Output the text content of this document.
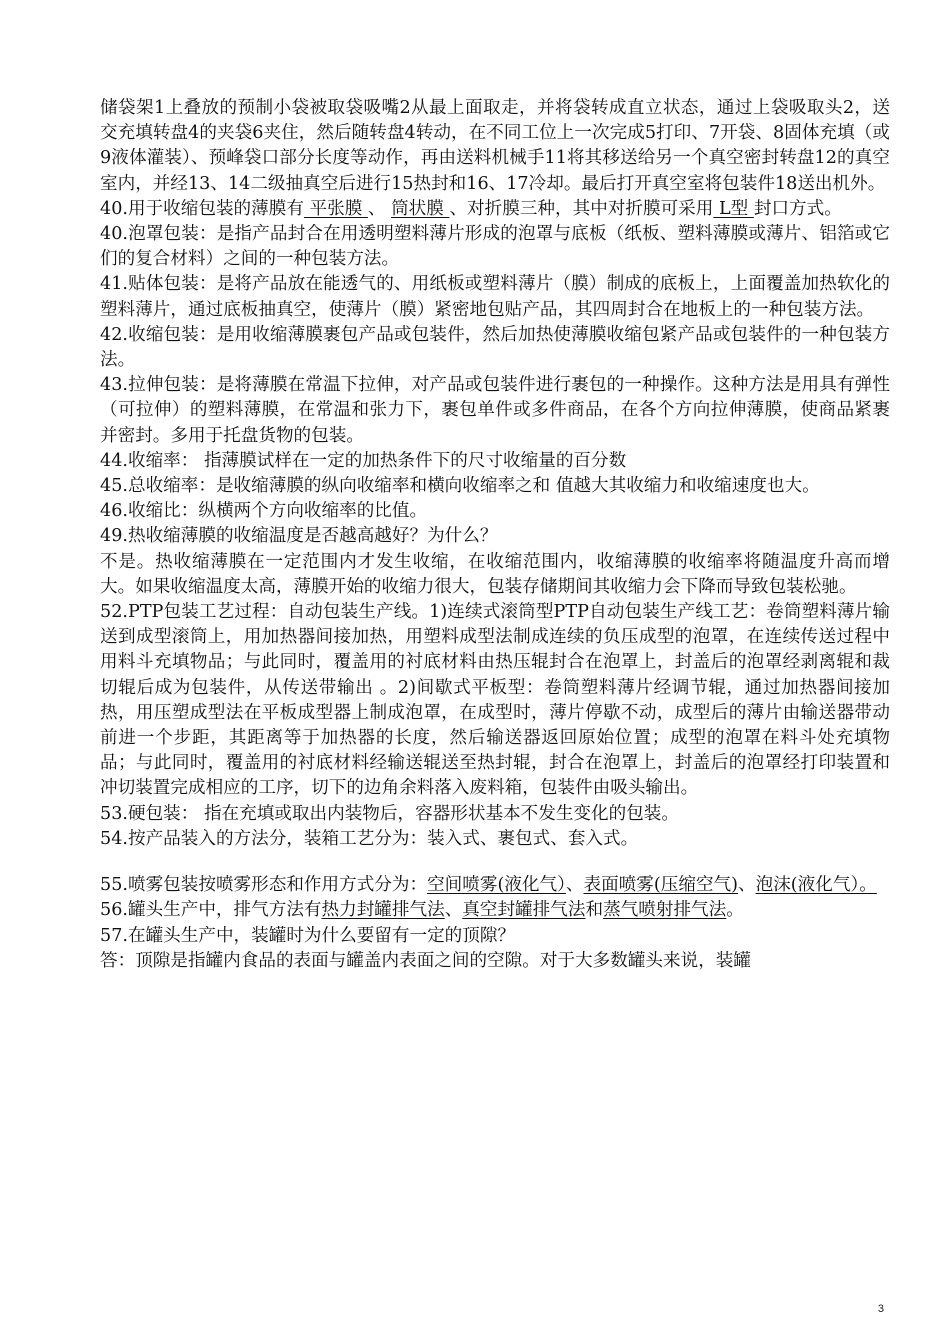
储袋架1上叠放的预制小袋被取袋吸嘴2从最上面取走，并将袋转成直立状态，通过上袋吸取头2，送交充填转盘4的夹袋6夹住，然后随转盘4转动，在不同工位上一次完成5打印、7开袋、8固体充填（或9液体灌装）、预峰袋口部分长度等动作，再由送料机械手11将其移送给另一个真空密封转盘12的真空室内，并经13、14二级抽真空后进行15热封和16、17冷却。最后打开真空室将包装件18送出机外。

40.用于收缩包装的薄膜有 平张膜 、 筒状膜 、对折膜三种，其中对折膜可采用 L型 封口方式。

40.泡罩包装：是指产品封合在用透明塑料薄片形成的泡罩与底板（纸板、塑料薄膜或薄片、铝箔或它们的复合材料）之间的一种包装方法。

41.贴体包装：是将产品放在能透气的、用纸板或塑料薄片（膜）制成的底板上，上面覆盖加热软化的塑料薄片，通过底板抽真空，使薄片（膜）紧密地包贴产品，其四周封合在地板上的一种包装方法。

42.收缩包装：是用收缩薄膜裹包产品或包装件，然后加热使薄膜收缩包紧产品或包装件的一种包装方法。

43.拉伸包装：是将薄膜在常温下拉伸，对产品或包装件进行裹包的一种操作。这种方法是用具有弹性（可拉伸）的塑料薄膜，在常温和张力下，裹包单件或多件商品，在各个方向拉伸薄膜，使商品紧裹并密封。多用于托盘货物的包装。

44.收缩率： 指薄膜试样在一定的加热条件下的尺寸收缩量的百分数

45.总收缩率：是收缩薄膜的纵向收缩率和横向收缩率之和 值越大其收缩力和收缩速度也大。

46.收缩比：纵横两个方向收缩率的比值。

49.热收缩薄膜的收缩温度是否越高越好？为什么？

不是。热收缩薄膜在一定范围内才发生收缩，在收缩范围内，收缩薄膜的收缩率将随温度升高而增大。如果收缩温度太高，薄膜开始的收缩力很大，包装存储期间其收缩力会下降而导致包装松驰。

52.PTP包装工艺过程：自动包装生产线。1)连续式滚筒型PTP自动包装生产线工艺：卷筒塑料薄片输送到成型滚筒上，用加热器间接加热，用塑料成型法制成连续的负压成型的泡罩，在连续传送过程中用料斗充填物品；与此同时，覆盖用的衬底材料由热压辊封合在泡罩上，封盖后的泡罩经剥离辊和裁切辊后成为包装件，从传送带输出 。2)间歇式平板型：卷筒塑料薄片经调节辊，通过加热器间接加热，用压塑成型法在平板成型器上制成泡罩，在成型时，薄片停歇不动，成型后的薄片由输送器带动前进一个步距，其距离等于加热器的长度，然后输送器返回原始位置；成型的泡罩在料斗处充填物品；与此同时，覆盖用的衬底材料经输送辊送至热封辊，封合在泡罩上，封盖后的泡罩经打印装置和冲切装置完成相应的工序，切下的边角余料落入废料箱，包装件由吸头输出。

53.硬包装： 指在充填或取出内装物后，容器形状基本不发生变化的包装。

54.按产品装入的方法分，装箱工艺分为：装入式、裹包式、套入式。

55.喷雾包装按喷雾形态和作用方式分为：空间喷雾(液化气）、表面喷雾(压缩空气)、泡沫(液化气）。

56.罐头生产中，排气方法有热力封罐排气法、真空封罐排气法和蒸气喷射排气法。

57.在罐头生产中，装罐时为什么要留有一定的顶隙？

答：顶隙是指罐内食品的表面与罐盖内表面之间的空隙。对于大多数罐头来说，装罐

3
